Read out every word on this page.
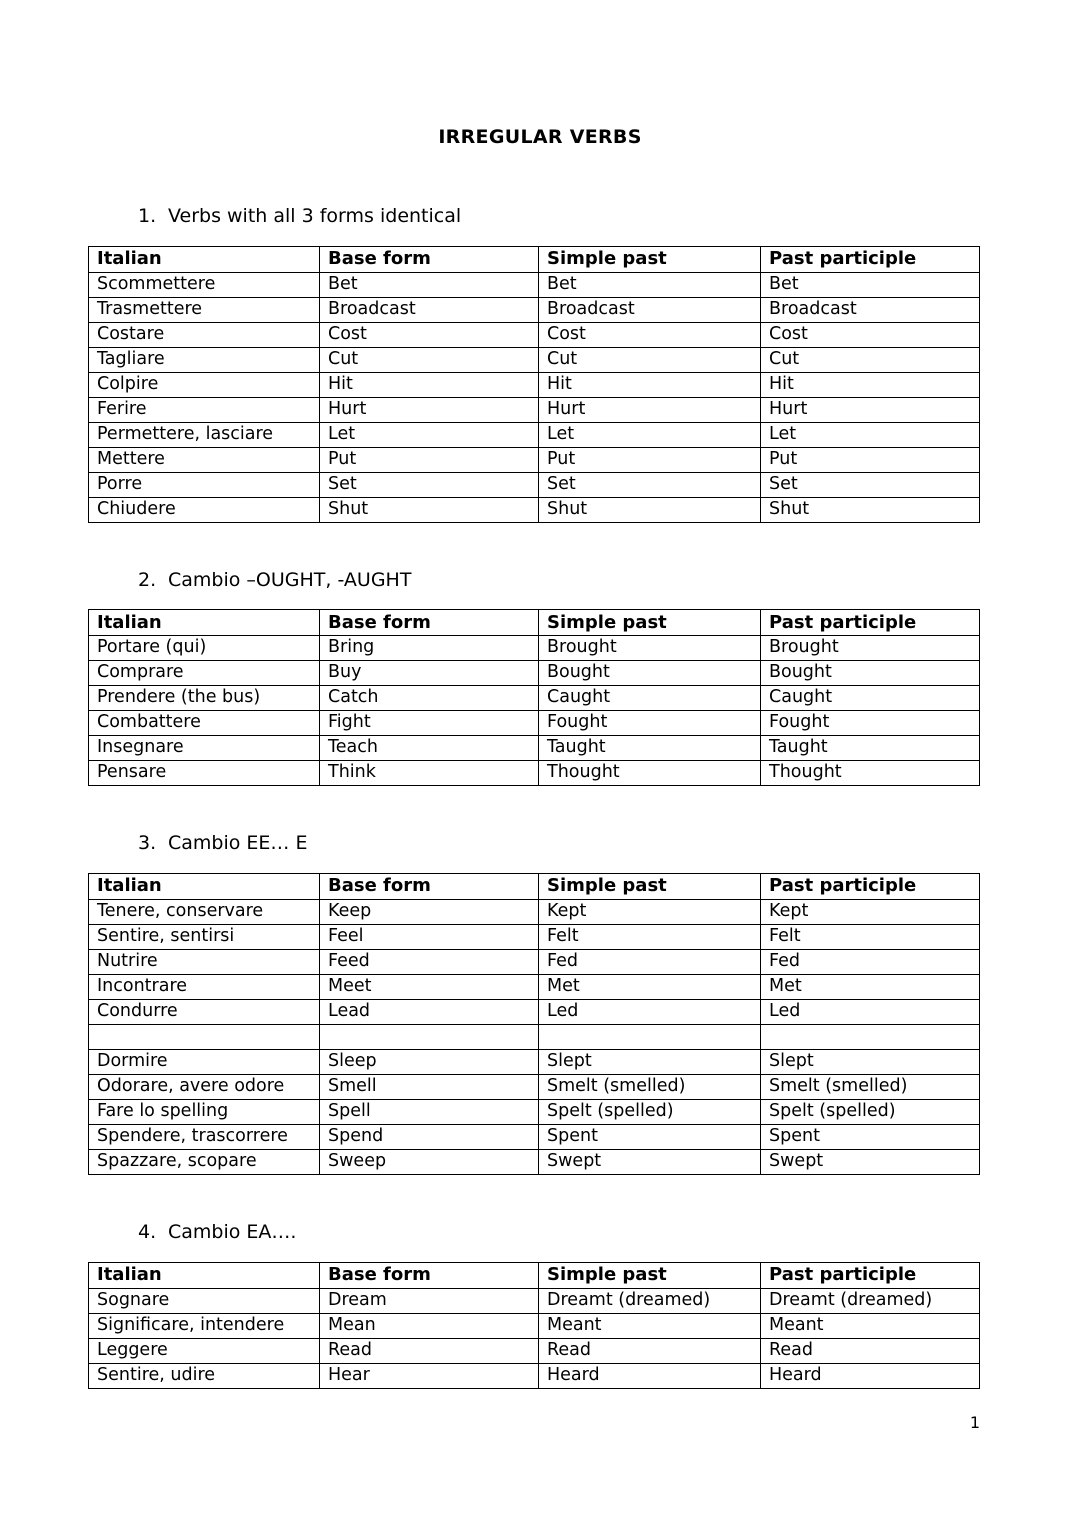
IRREGULAR VERBS
1. Verbs with all 3 forms identical
Italian	Base form	Simple past	Past participle
Scommettere	Bet	Bet	Bet
Trasmettere	Broadcast	Broadcast	Broadcast
Costare	Cost	Cost	Cost
Tagliare	Cut	Cut	Cut
Colpire	Hit	Hit	Hit
Ferire	Hurt	Hurt	Hurt
Permettere, lasciare	Let	Let	Let
Mettere	Put	Put	Put
Porre	Set	Set	Set
Chiudere	Shut	Shut	Shut
2. Cambio –OUGHT, -AUGHT
Italian	Base form	Simple past	Past participle
Portare (qui)	Bring	Brought	Brought
Comprare	Buy	Bought	Bought
Prendere (the bus)	Catch	Caught	Caught
Combattere	Fight	Fought	Fought
Insegnare	Teach	Taught	Taught
Pensare	Think	Thought	Thought
3. Cambio EE… E
Italian	Base form	Simple past	Past participle
Tenere, conservare	Keep	Kept	Kept
Sentire, sentirsi	Feel	Felt	Felt
Nutrire	Feed	Fed	Fed
Incontrare	Meet	Met	Met
Condurre	Lead	Led	Led

Dormire	Sleep	Slept	Slept
Odorare, avere odore	Smell	Smelt (smelled)	Smelt (smelled)
Fare lo spelling	Spell	Spelt (spelled)	Spelt (spelled)
Spendere, trascorrere	Spend	Spent	Spent
Spazzare, scopare	Sweep	Swept	Swept
4. Cambio EA….
Italian	Base form	Simple past	Past participle
Sognare	Dream	Dreamt (dreamed)	Dreamt (dreamed)
Significare, intendere	Mean	Meant	Meant
Leggere	Read	Read	Read
Sentire, udire	Hear	Heard	Heard
1
